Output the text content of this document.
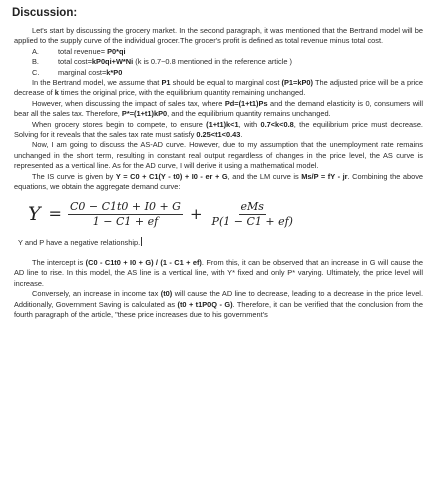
Discussion:

Let's start by discussing the grocery market. In the second paragraph, it was mentioned that the Bertrand model will be applied to the supply curve of the individual grocer.The grocer's profit is defined as total revenue minus total cost.

A.	total revenue= P0*qi
B.	total cost=kP0qi+W*Ni (k is 0.7~0.8 mentioned in the reference article )
C.	marginal cost=k*P0

In the Bertrand model, we assume that P1 should be equal to marginal cost (P1=kP0) The adjusted price will be a price decrease of k times the original price, with the equilibrium quantity remaining unchanged.

However, when discussing the impact of sales tax, where Pd=(1+t1)Ps and the demand elasticity is 0, consumers will bear all the sales tax. Therefore, P*=(1+t1)kP0, and the equilibrium quantity remains unchanged.

When grocery stores begin to compete, to ensure (1+t1)k<1, with 0.7<k<0.8, the equilibrium price must decrease. Solving for it reveals that the sales tax rate must satisfy 0.25<t1<0.43.

Now, I am going to discuss the AS-AD curve. However, due to my assumption that the unemployment rate remains unchanged in the short term, resulting in constant real output regardless of changes in the price level, the AS curve is represented as a vertical line. As for the AD curve, I will derive it using a mathematical model.

The IS curve is given by Y = C0 + C1(Y - t0) + I0 - er + G, and the LM curve is Ms/P = fY - jr. Combining the above equations, we obtain the aggregate demand curve:

$Y = \frac{C0 - C1t0 + I0 + G}{1 - C1 + ef} + \frac{\text{eMs}}{P(1 - C1 + ef)}$

Y and P have a negative relationship.

The intercept is (C0 - C1t0 + I0 + G) / (1 - C1 + ef). From this, it can be observed that an increase in G will cause the AD line to rise. In this model, the AS line is a vertical line, with Y* fixed and only P* varying. Ultimately, the price level will increase.

Conversely, an increase in income tax (t0) will cause the AD line to decrease, leading to a decrease in the price level. Additionally, Government Saving is calculated as (t0 + t1P0Q - G). Therefore, it can be verified that the conclusion from the fourth paragraph of the article, "these price increases due to his government's
